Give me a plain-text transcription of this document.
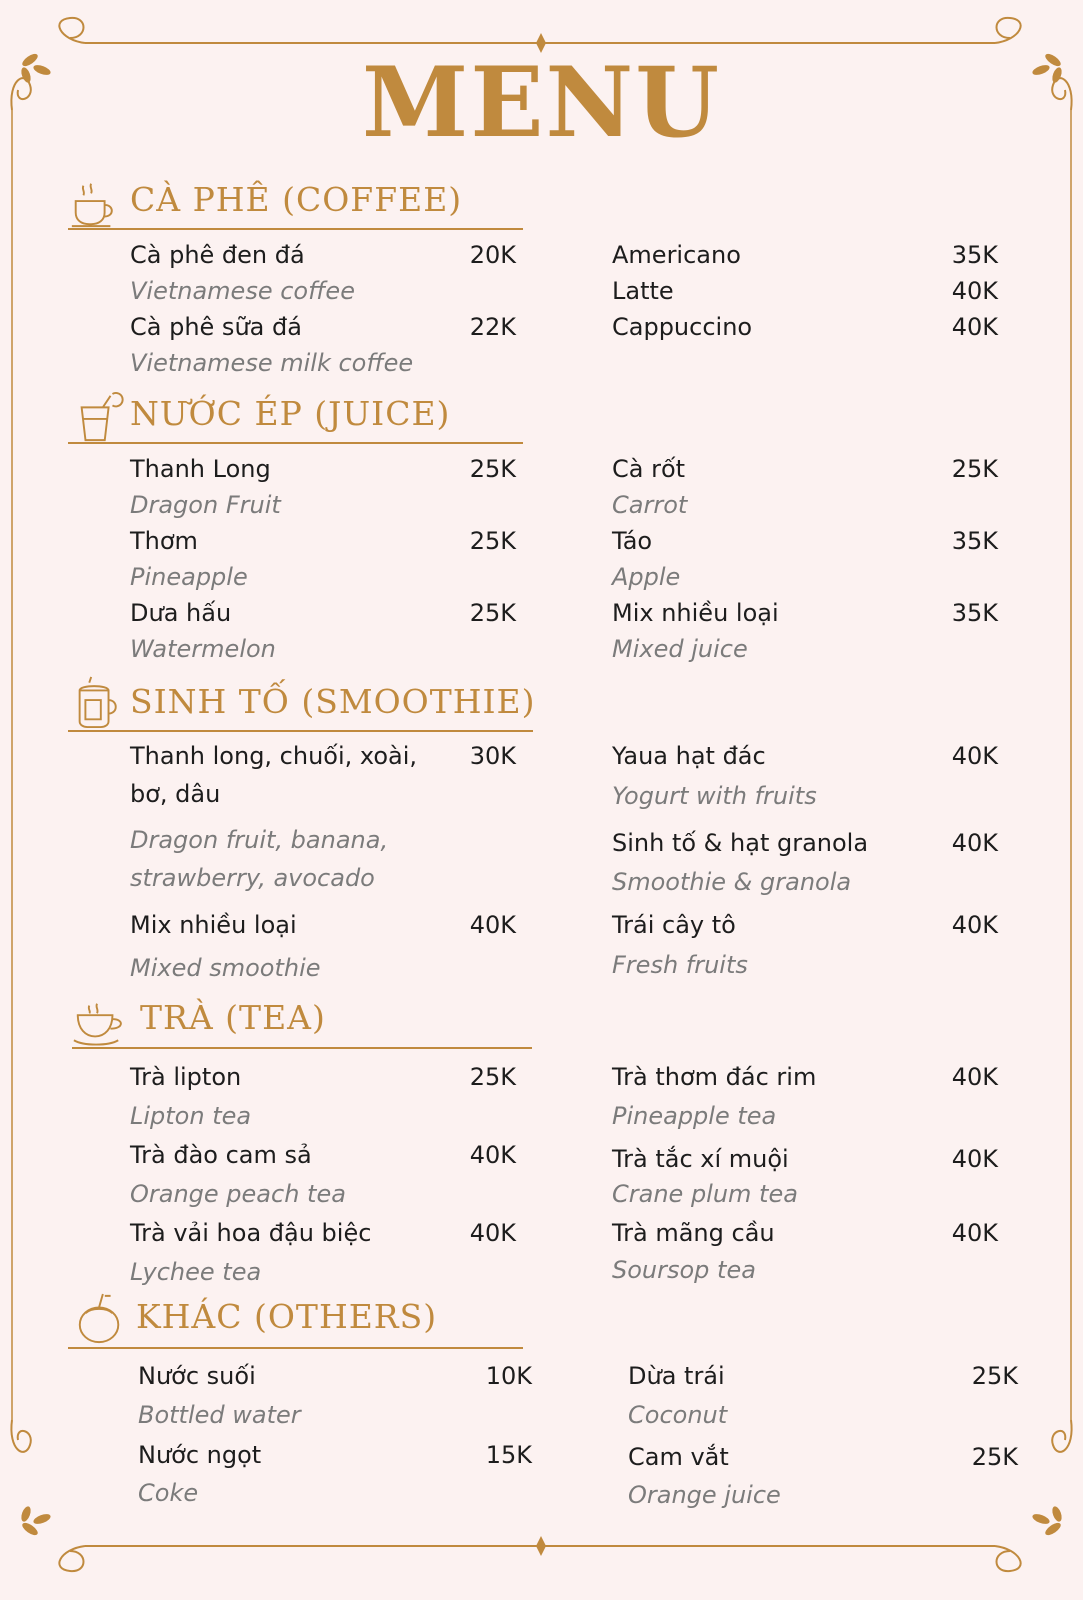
MENU
CÀ PHÊ (COFFEE)
Cà phê đen đá	20K
Vietnamese coffee
Cà phê sữa đá	22K
Vietnamese milk coffee
Americano	35K
Latte	40K
Cappuccino	40K
NƯỚC ÉP (JUICE)
Thanh Long	25K
Dragon Fruit
Thơm	25K
Pineapple
Dưa hấu	25K
Watermelon
Cà rốt	25K
Carrot
Táo	35K
Apple
Mix nhiều loại	35K
Mixed juice
SINH TỐ (SMOOTHIE)
Thanh long, chuối, xoài,
bơ, dâu
30K
Dragon fruit, banana,
strawberry, avocado
Mix nhiều loại	40K
Mixed smoothie
Yaua hạt đác	40K
Yogurt with fruits
Sinh tố & hạt granola	40K
Smoothie & granola
Trái cây tô	40K
Fresh fruits
TRÀ (TEA)
Trà lipton	25K
Lipton tea
Trà đào cam sả	40K
Orange peach tea
Trà vải hoa đậu biệc	40K
Lychee tea
Trà thơm đác rim	40K
Pineapple tea
Trà tắc xí muội	40K
Crane plum tea
Trà mãng cầu	40K
Soursop tea
KHÁC (OTHERS)
Nước suối	10K
Bottled water
Nước ngọt	15K
Coke
Dừa trái	25K
Coconut
Cam vắt	25K
Orange juice
